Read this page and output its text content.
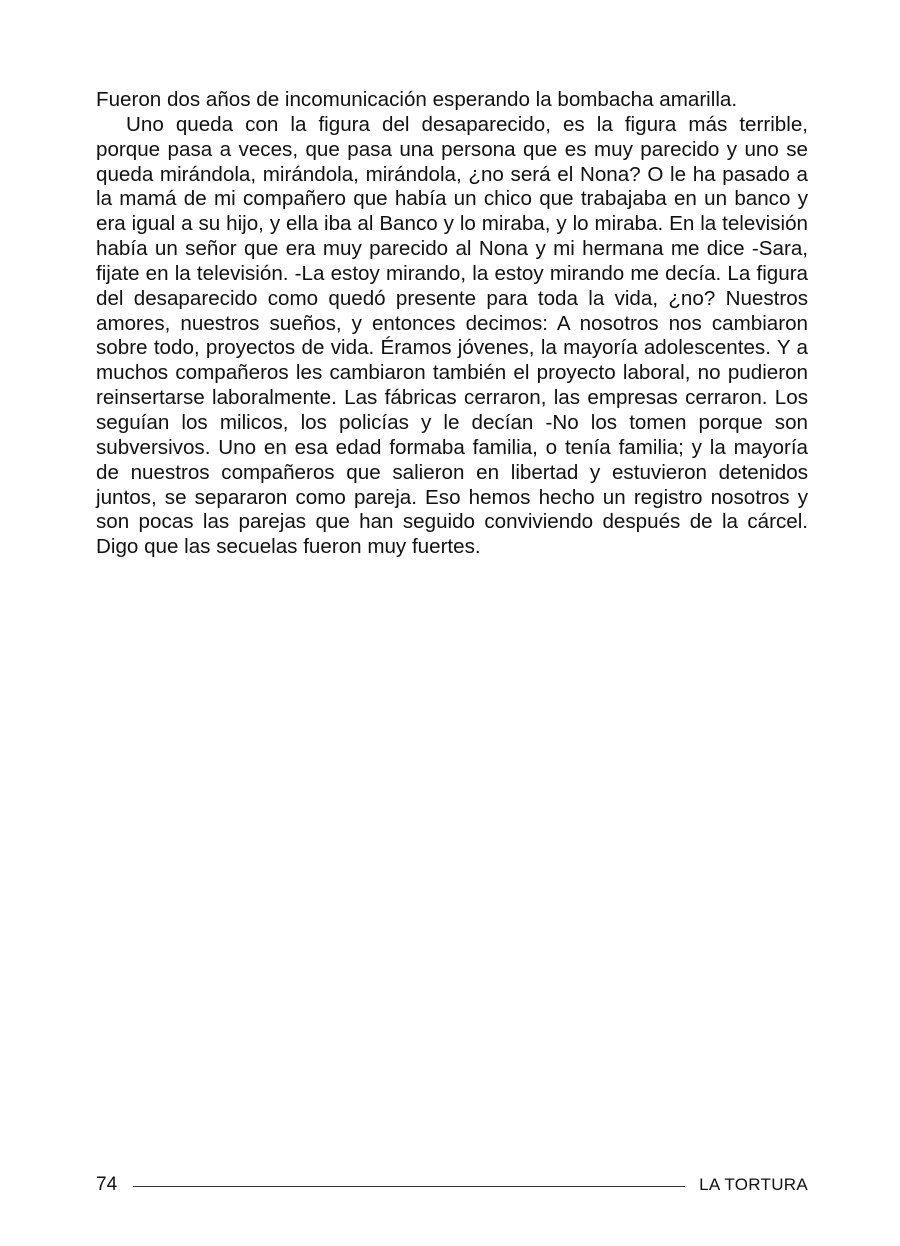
Fueron dos años de incomunicación esperando la bombacha amarilla.

Uno queda con la figura del desaparecido, es la figura más terrible, porque pasa a veces, que pasa una persona que es muy parecido y uno se queda mirándola, mirándola, mirándola, ¿no será el Nona? O le ha pasado a la mamá de mi compañero que había un chico que trabajaba en un banco y era igual a su hijo, y ella iba al Banco y lo miraba, y lo miraba. En la televisión había un señor que era muy parecido al Nona y mi hermana me dice -Sara, fijate en la televisión. -La estoy mirando, la estoy mirando me decía. La figura del desaparecido como quedó presente para toda la vida, ¿no? Nuestros amores, nuestros sueños, y entonces decimos: A nosotros nos cambiaron sobre todo, proyectos de vida. Éramos jóvenes, la mayoría adolescentes. Y a muchos compañeros les cambiaron también el proyecto laboral, no pudieron reinsertarse laboralmente. Las fábricas cerraron, las empresas cerraron. Los seguían los milicos, los policías y le decían -No los tomen porque son subversivos. Uno en esa edad formaba familia, o tenía familia; y la mayoría de nuestros compañeros que salieron en libertad y estuvieron detenidos juntos, se separaron como pareja. Eso hemos hecho un registro nosotros y son pocas las parejas que han seguido conviviendo después de la cárcel. Digo que las secuelas fueron muy fuertes.

74	LA TORTURA
